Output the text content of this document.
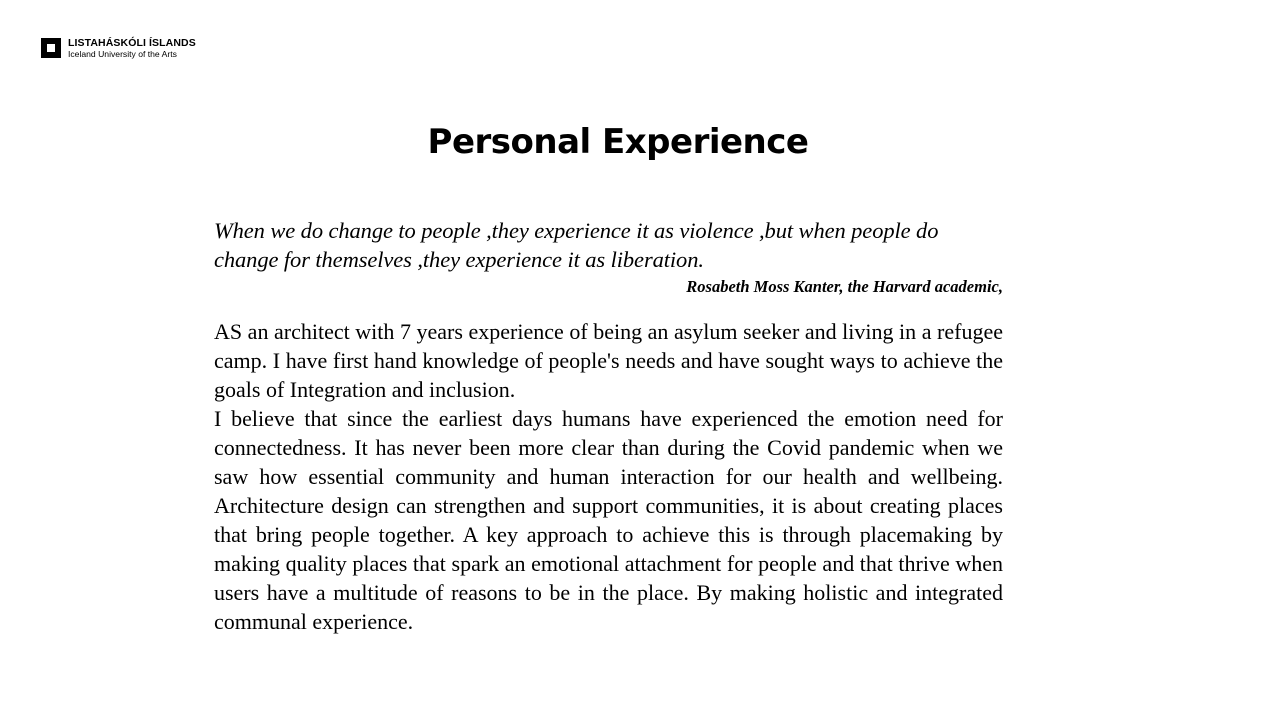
LISTAHÁSKÓLI ÍSLANDS
Iceland University of the Arts
Personal Experience

When we do change to people ,they experience it as violence ,but when people do change for themselves ,they experience it as liberation.

Rosabeth Moss Kanter, the Harvard academic,

AS an architect with 7 years experience of being an asylum seeker and living in a refugee camp. I have first hand knowledge of people's needs and have sought ways to achieve the goals of Integration and inclusion.

I believe that since the earliest days humans have experienced the emotion need for connectedness. It has never been more clear than during the Covid pandemic when we saw how essential community and human interaction for our health and wellbeing. Architecture design can strengthen and support communities, it is about creating places that bring people together. A key approach to achieve this is through placemaking by making quality places that spark an emotional attachment for people and that thrive when users have a multitude of reasons to be in the place. By making holistic and integrated communal experience.
